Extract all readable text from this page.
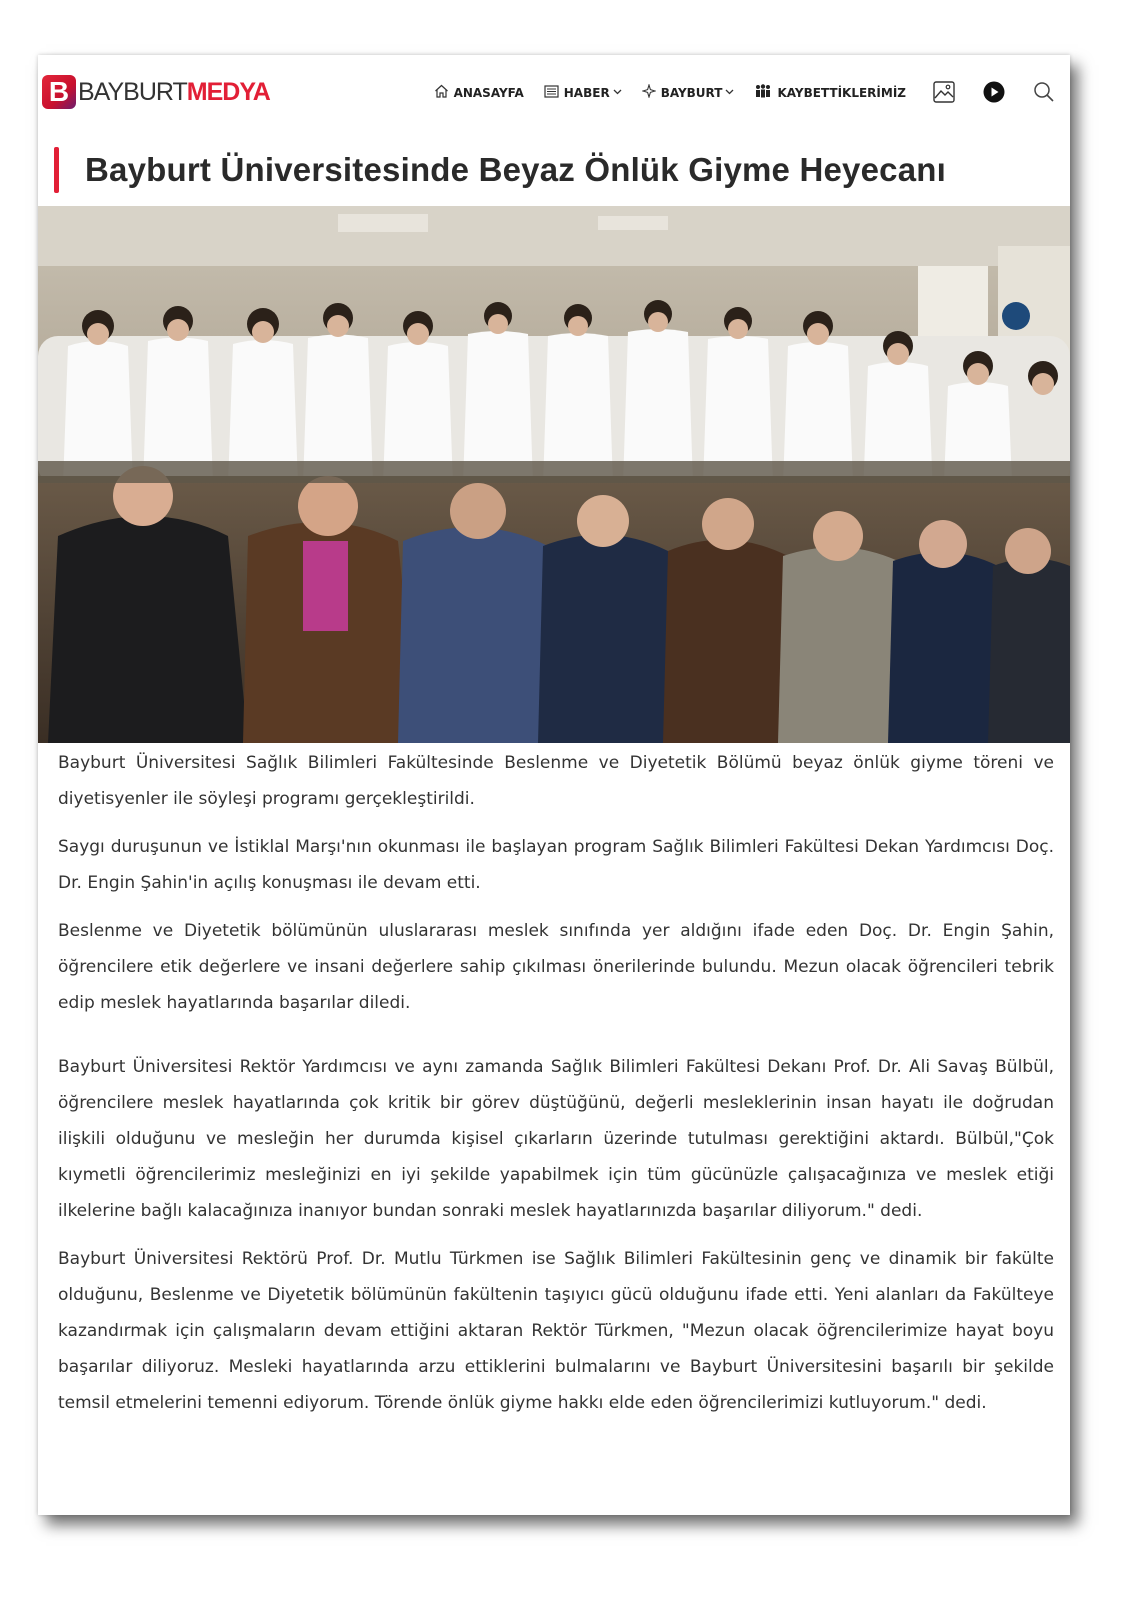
B BAYBURTMEDYA	ANASAYFA	HABER	BAYBURT	KAYBETTİKLERİMİZ
Bayburt Üniversitesinde Beyaz Önlük Giyme Heyecanı

Bayburt Üniversitesi Sağlık Bilimleri Fakültesinde Beslenme ve Diyetetik Bölümü beyaz önlük giyme töreni ve diyetisyenler ile söyleşi programı gerçekleştirildi.

Saygı duruşunun ve İstiklal Marşı'nın okunması ile başlayan program Sağlık Bilimleri Fakültesi Dekan Yardımcısı Doç. Dr. Engin Şahin'in açılış konuşması ile devam etti.

Beslenme ve Diyetetik bölümünün uluslararası meslek sınıfında yer aldığını ifade eden Doç. Dr. Engin Şahin, öğrencilere etik değerlere ve insani değerlere sahip çıkılması önerilerinde bulundu. Mezun olacak öğrencileri tebrik edip meslek hayatlarında başarılar diledi.

Bayburt Üniversitesi Rektör Yardımcısı ve aynı zamanda Sağlık Bilimleri Fakültesi Dekanı Prof. Dr. Ali Savaş Bülbül, öğrencilere meslek hayatlarında çok kritik bir görev düştüğünü, değerli mesleklerinin insan hayatı ile doğrudan ilişkili olduğunu ve mesleğin her durumda kişisel çıkarların üzerinde tutulması gerektiğini aktardı. Bülbül,"Çok kıymetli öğrencilerimiz mesleğinizi en iyi şekilde yapabilmek için tüm gücünüzle çalışacağınıza ve meslek etiği ilkelerine bağlı kalacağınıza inanıyor bundan sonraki meslek hayatlarınızda başarılar diliyorum." dedi.

Bayburt Üniversitesi Rektörü Prof. Dr. Mutlu Türkmen ise Sağlık Bilimleri Fakültesinin genç ve dinamik bir fakülte olduğunu, Beslenme ve Diyetetik bölümünün fakültenin taşıyıcı gücü olduğunu ifade etti. Yeni alanları da Fakülteye kazandırmak için çalışmaların devam ettiğini aktaran Rektör Türkmen, "Mezun olacak öğrencilerimize hayat boyu başarılar diliyoruz. Mesleki hayatlarında arzu ettiklerini bulmalarını ve Bayburt Üniversitesini başarılı bir şekilde temsil etmelerini temenni ediyorum. Törende önlük giyme hakkı elde eden öğrencilerimizi kutluyorum." dedi.
